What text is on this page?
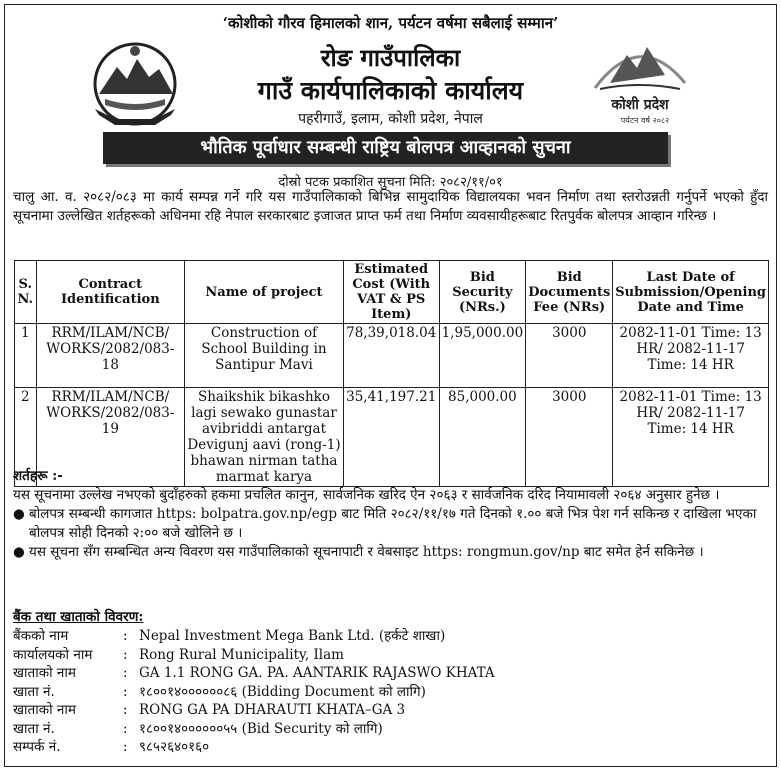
‘कोशीको गौरव हिमालको शान, पर्यटन वर्षमा सबैलाई सम्मान’
रोङ गाउँपालिका
गाउँ कार्यपालिकाको कार्यालय
पहरीगाउँ, इलाम, कोशी प्रदेश, नेपाल
कोशी प्रदेश
पर्यटन वर्ष २०८२
भौतिक पूर्वाधार सम्बन्धी राष्ट्रिय बोलपत्र आव्हानको सुचना
दोस्रो पटक प्रकाशित सुचना मिति: २०८२/११/०१
चालु आ. व. २०८२/०८३ मा कार्य सम्पन्न गर्ने गरि यस गाउँपालिकाको बिभिन्न सामुदायिक विद्यालयका भवन निर्माण तथा स्तरोउन्नती गर्नुपर्ने भएको हुँदा सूचनामा उल्लेखित शर्तहरूको अधिनमा रहि नेपाल सरकारबाट इजाजत प्राप्त फर्म तथा निर्माण व्यवसायीहरूबाट रितपुर्वक बोलपत्र आव्हान गरिन्छ ।
S. N.	Contract Identification	Name of project	Estimated Cost (With VAT & PS Item)	Bid Security (NRs.)	Bid Documents Fee (NRs)	Last Date of Submission/Opening Date and Time
1	RRM/ILAM/NCB/ WORKS/2082/083-18	Construction of School Building in Santipur Mavi	78,39,018.04	1,95,000.00	3000	2082-11-01 Time: 13 HR/ 2082-11-17 Time: 14 HR
2	RRM/ILAM/NCB/ WORKS/2082/083-19	Shaikshik bikashko lagi sewako gunastar avibriddi antargat Devigunj aavi (rong-1) bhawan nirman tatha marmat karya	35,41,197.21	85,000.00	3000	2082-11-01 Time: 13 HR/ 2082-11-17 Time: 14 HR
शर्तहरू :-
यस सूचनामा उल्लेख नभएको बुदाँहरुको हकमा प्रचलित कानुन, सार्वजनिक खरिद ऐन २०६३ र सार्वजनिक दरिद नियामावली २०६४ अनुसार हुनेछ ।
● बोलपत्र सम्बन्धी कागजात https: bolpatra.gov.np/egp बाट मिति २०८२/११/१७ गते दिनको १.०० बजे भित्र पेश गर्न सकिन्छ र दाखिला भएका बोलपत्र सोही दिनको २:०० बजे खोलिने छ ।
● यस सूचना सँग सम्बन्धित अन्य विवरण यस गाउँपालिकाको सूचनापाटी र वेबसाइट https: rongmun.gov/np बाट समेत हेर्न सकिनेछ ।
बैंक तथा खाताको विवरण:
बैंकको नाम	: Nepal Investment Mega Bank Ltd. (हर्कटे शाखा)
कार्यालयको नाम	: Rong Rural Municipality, Ilam
खाताको नाम	: GA 1.1 RONG GA. PA. AANTARIK RAJASWO KHATA
खाता नं.	: १८००१४००००००८६ (Bidding Document को लागि)
खाताको नाम	: RONG GA PA DHARAUTI KHATA–GA 3
खाता नं.	: १८००१४००००००५५ (Bid Security को लागि)
सम्पर्क नं.	: ९८५२६४०१६०
